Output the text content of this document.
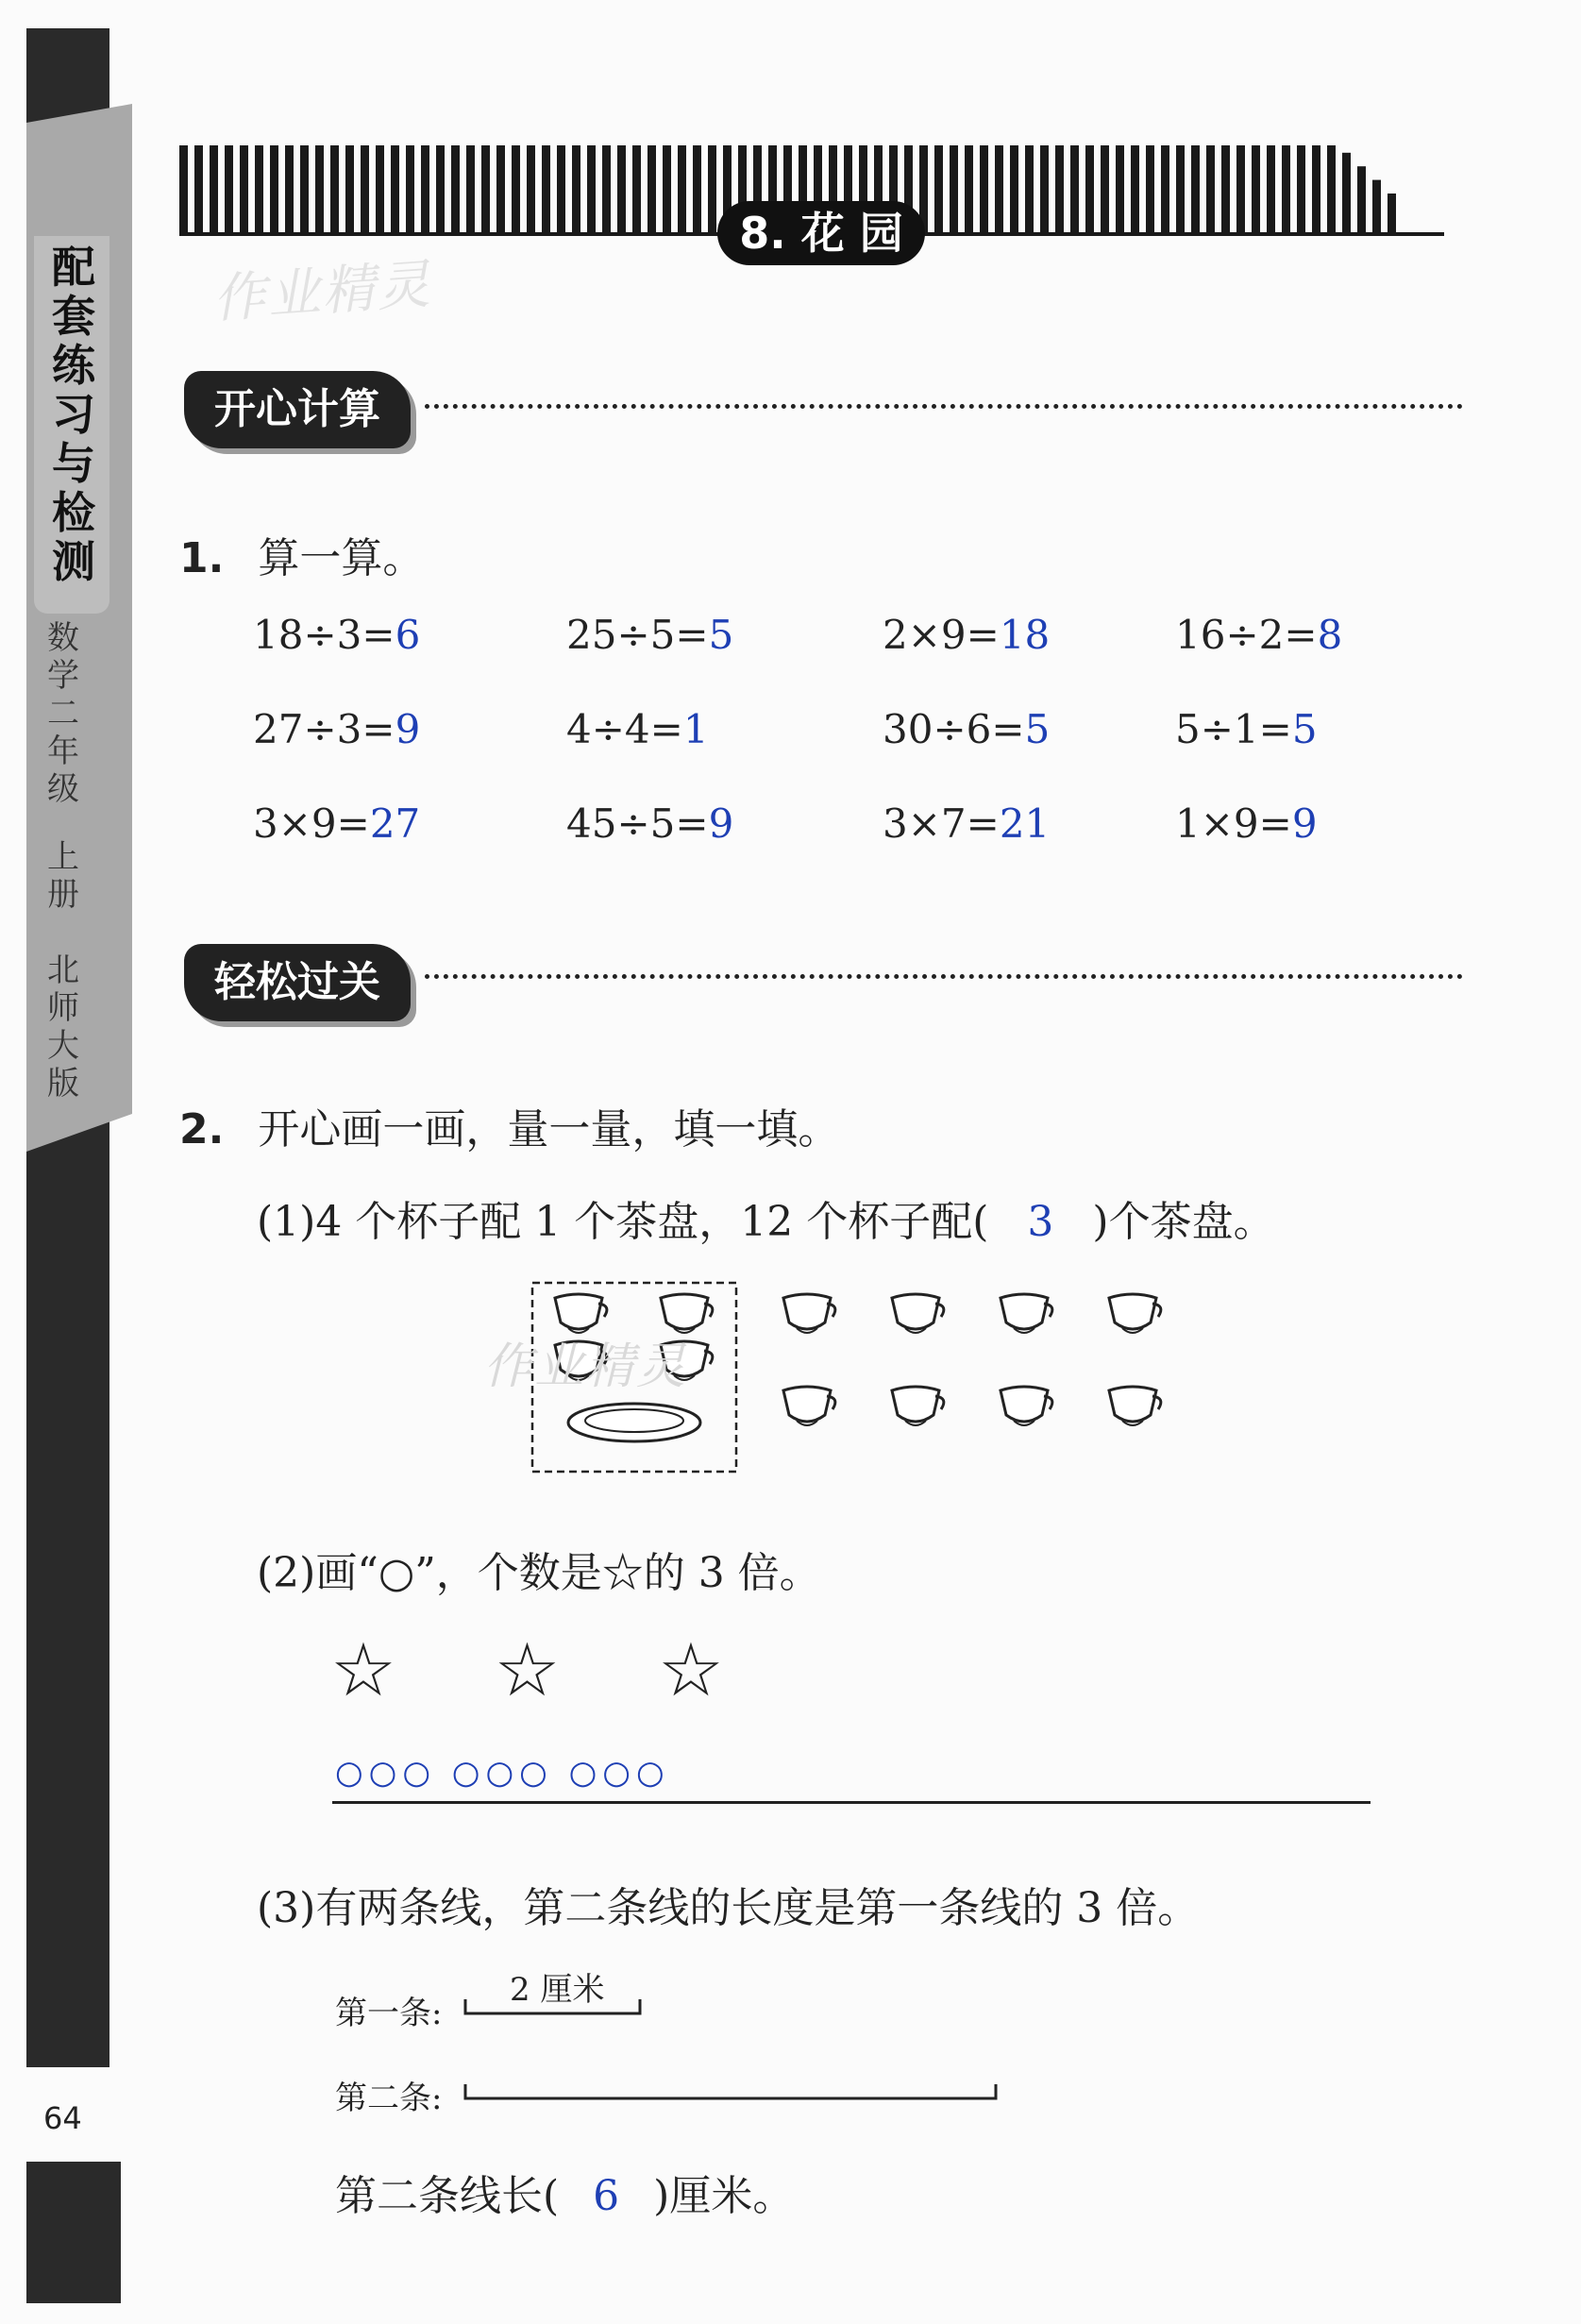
配
套
练
习
与
检
测
数
学
二
年
级
上
册
北
师
大
版
64
8. 花 园
作业精灵
开心计算
1. 算一算。
18÷3=6	25÷5=5	2×9=18	16÷2=8
27÷3=9	4÷4=1	30÷6=5	5÷1=5
3×9=27	45÷5=9	3×7=21	1×9=9
轻松过关
2. 开心画一画，量一量，填一填。
(1)4 个杯子配 1 个茶盘，12 个杯子配( 3 )个茶盘。
作业精灵
(2)画“○”，个数是☆的 3 倍。
☆  ☆  ☆
○○○ ○○○ ○○○
(3)有两条线，第二条线的长度是第一条线的 3 倍。
第一条:
2 厘米
第二条:
第二条线长( 6 )厘米。
